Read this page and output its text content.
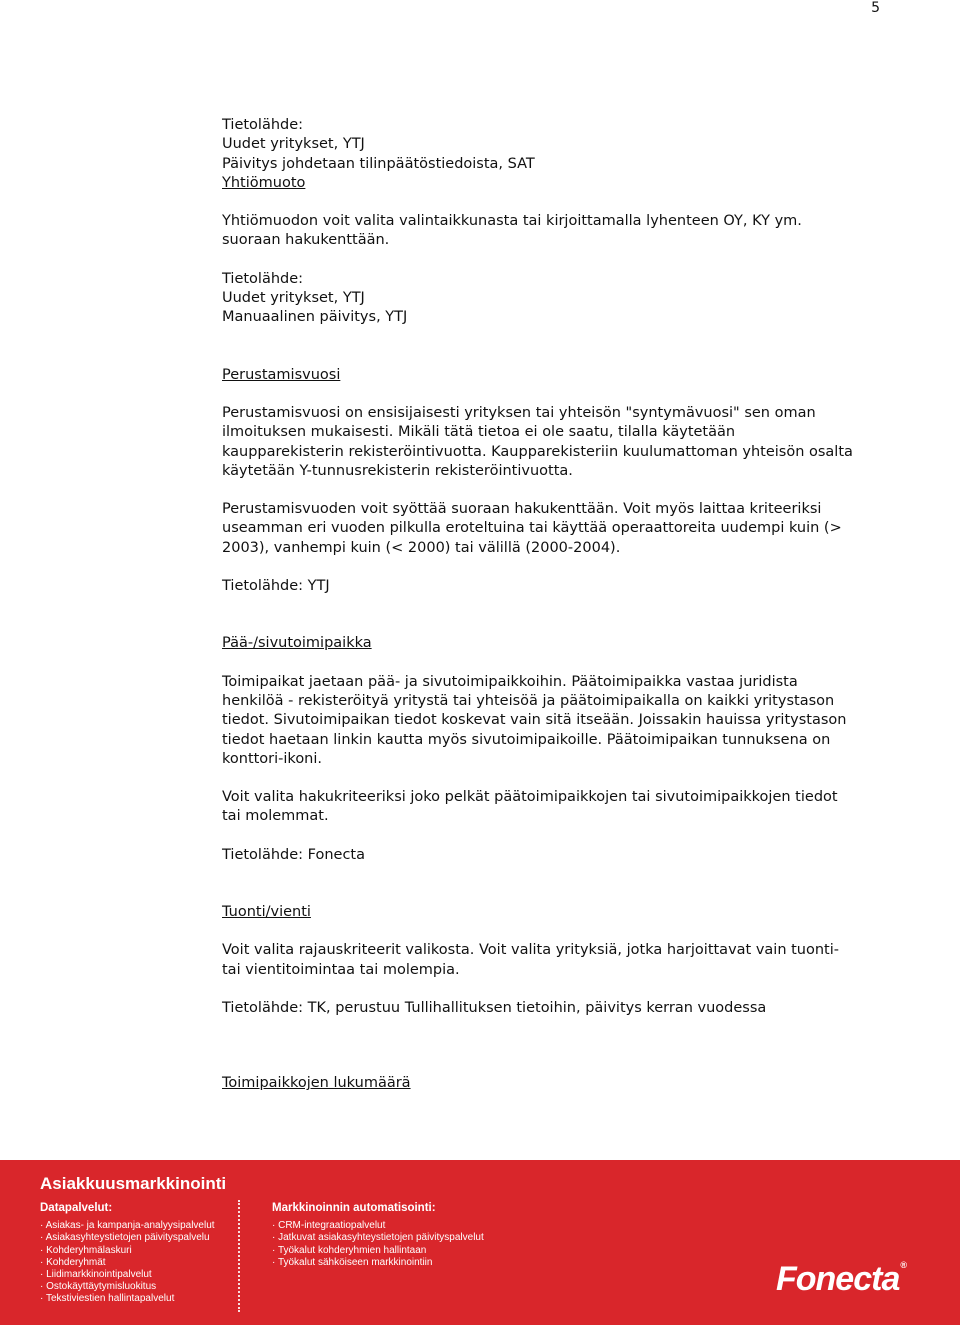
5
Tietolähde:
Uudet yritykset, YTJ
Päivitys johdetaan tilinpäätöstiedoista, SAT
Yhtiömuoto
Yhtiömuodon voit valita valintaikkunasta tai kirjoittamalla lyhenteen OY, KY ym.
suoraan hakukenttään.
Tietolähde:
Uudet yritykset, YTJ
Manuaalinen päivitys, YTJ
Perustamisvuosi
Perustamisvuosi on ensisijaisesti yrityksen tai yhteisön "syntymävuosi" sen oman
ilmoituksen mukaisesti. Mikäli tätä tietoa ei ole saatu, tilalla käytetään
kaupparekisterin rekisteröintivuotta. Kaupparekisteriin kuulumattoman yhteisön osalta
käytetään Y-tunnusrekisterin rekisteröintivuotta.
Perustamisvuoden voit syöttää suoraan hakukenttään. Voit myös laittaa kriteeriksi
useamman eri vuoden pilkulla eroteltuina tai käyttää operaattoreita uudempi kuin (>
2003), vanhempi kuin (< 2000) tai välillä (2000-2004).
Tietolähde: YTJ
Pää-/sivutoimipaikka
Toimipaikat jaetaan pää- ja sivutoimipaikkoihin. Päätoimipaikka vastaa juridista
henkilöä - rekisteröityä yritystä tai yhteisöä ja päätoimipaikalla on kaikki yritystason
tiedot. Sivutoimipaikan tiedot koskevat vain sitä itseään. Joissakin hauissa yritystason
tiedot haetaan linkin kautta myös sivutoimipaikoille. Päätoimipaikan tunnuksena on
konttori-ikoni.
Voit valita hakukriteeriksi joko pelkät päätoimipaikkojen tai sivutoimipaikkojen tiedot
tai molemmat.
Tietolähde: Fonecta
Tuonti/vienti
Voit valita rajauskriteerit valikosta. Voit valita yrityksiä, jotka harjoittavat vain tuonti-
tai vientitoimintaa tai molempia.
Tietolähde: TK, perustuu Tullihallituksen tietoihin, päivitys kerran vuodessa
Toimipaikkojen lukumäärä
Asiakkuusmarkkinointi
Datapalvelut:
· Asiakas- ja kampanja-analyysipalvelut
· Asiakasyhteystietojen päivityspalvelu
· Kohderyhmälaskuri
· Kohderyhmät
· Liidimarkkinointipalvelut
· Ostokäyttäytymisluokitus
· Tekstiviestien hallintapalvelut
Markkinoinnin automatisointi:
· CRM-integraatiopalvelut
· Jatkuvat asiakasyhteystietojen päivityspalvelut
· Työkalut kohderyhmien hallintaan
· Työkalut sähköiseen markkinointiin	Fonecta®
